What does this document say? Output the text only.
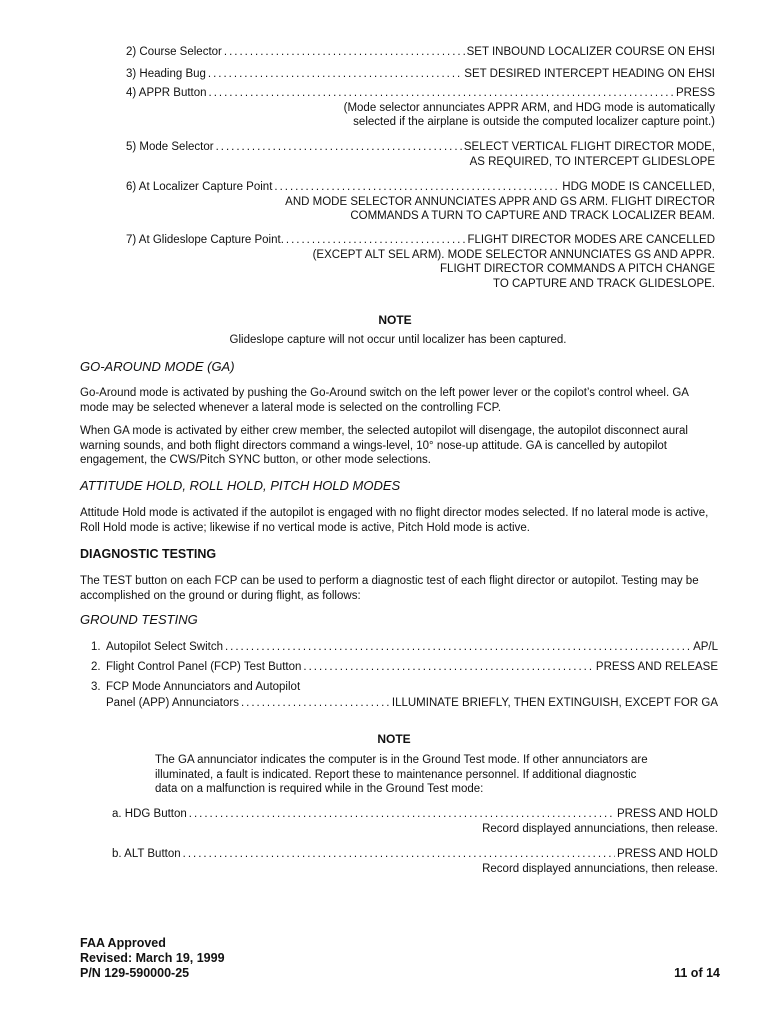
2) Course Selector . . .	SET INBOUND LOCALIZER COURSE ON EHSI
3) Heading Bug . . .	SET DESIRED INTERCEPT HEADING ON EHSI
4) APPR Button . . .	PRESS
(Mode selector annunciates APPR ARM, and HDG mode is automatically
selected if the airplane is outside the computed localizer capture point.)
5) Mode Selector . . .	SELECT VERTICAL FLIGHT DIRECTOR MODE,
AS REQUIRED, TO INTERCEPT GLIDESLOPE
6) At Localizer Capture Point . . .	HDG MODE IS CANCELLED,
AND MODE SELECTOR ANNUNCIATES APPR AND GS ARM. FLIGHT DIRECTOR
COMMANDS A TURN TO CAPTURE AND TRACK LOCALIZER BEAM.
7) At Glideslope Capture Point. . . .	FLIGHT DIRECTOR MODES ARE CANCELLED
(EXCEPT ALT SEL ARM). MODE SELECTOR ANNUNCIATES GS AND APPR.
FLIGHT DIRECTOR COMMANDS A PITCH CHANGE
TO CAPTURE AND TRACK GLIDESLOPE.
NOTE
Glideslope capture will not occur until localizer has been captured.
GO-AROUND MODE (GA)
Go-Around mode is activated by pushing the Go-Around switch on the left power lever or the copilot’s control wheel. GA mode may be selected whenever a lateral mode is selected on the controlling FCP.
When GA mode is activated by either crew member, the selected autopilot will disengage, the autopilot disconnect aural warning sounds, and both flight directors command a wings-level, 10° nose-up attitude. GA is cancelled by autopilot engagement, the CWS/Pitch SYNC button, or other mode selections.
ATTITUDE HOLD, ROLL HOLD, PITCH HOLD MODES
Attitude Hold mode is activated if the autopilot is engaged with no flight director modes selected. If no lateral mode is active, Roll Hold mode is active; likewise if no vertical mode is active, Pitch Hold mode is active.
DIAGNOSTIC TESTING
The TEST button on each FCP can be used to perform a diagnostic test of each flight director or autopilot. Testing may be accomplished on the ground or during flight, as follows:
GROUND TESTING
1. Autopilot Select Switch . . .	AP/L
2. Flight Control Panel (FCP) Test Button . . .	PRESS AND RELEASE
3. FCP Mode Annunciators and Autopilot
Panel (APP) Annunciators . . .	ILLUMINATE BRIEFLY, THEN EXTINGUISH, EXCEPT FOR GA
NOTE
The GA annunciator indicates the computer is in the Ground Test mode. If other annunciators are illuminated, a fault is indicated. Report these to maintenance personnel. If additional diagnostic data on a malfunction is required while in the Ground Test mode:
a. HDG Button . . .	PRESS AND HOLD
Record displayed annunciations, then release.
b. ALT Button . . .	PRESS AND HOLD
Record displayed annunciations, then release.
FAA Approved
Revised: March 19, 1999
P/N 129-590000-25	11 of 14
